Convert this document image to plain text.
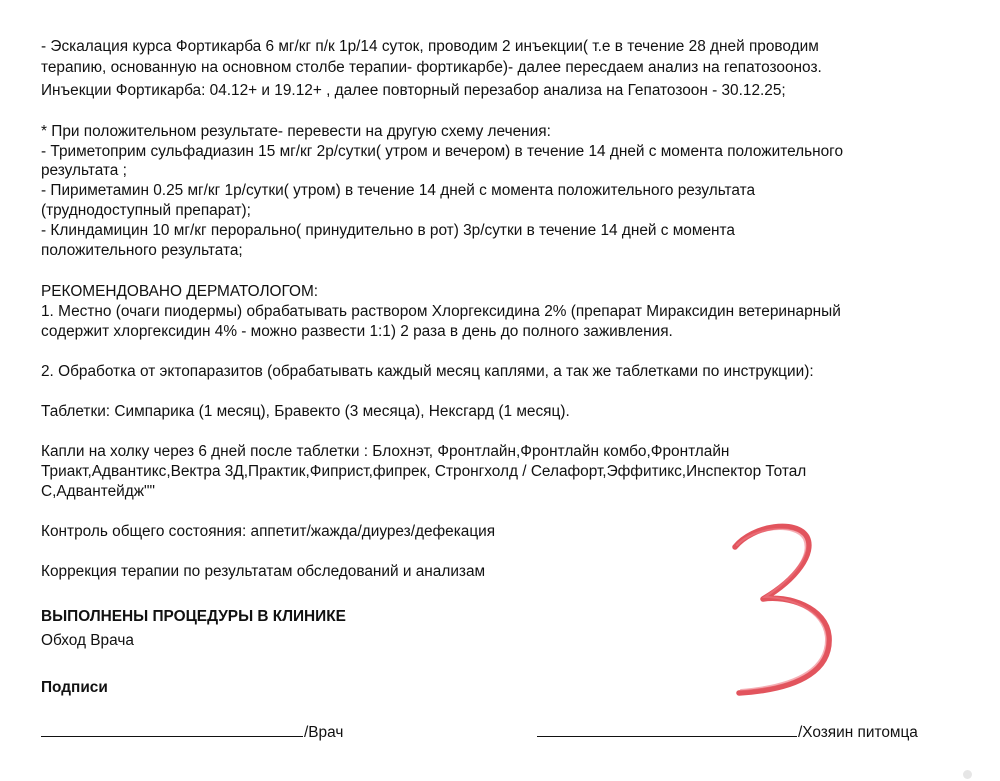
- Эскалация курса Фортикарба 6 мг/кг п/к 1р/14 суток, проводим 2 инъекции( т.е в течение 28 дней проводим
терапию, основанную на основном столбе терапии- фортикарбе)- далее пересдаем анализ на гепатозооноз.
Инъекции Фортикарба: 04.12+ и 19.12+ , далее повторный перезабор анализа на Гепатозоон - 30.12.25;
* При положительном результате- перевести на другую схему лечения:
- Триметоприм сульфадиазин 15 мг/кг 2р/сутки( утром и вечером) в течение 14 дней с момента положительного
результата ;
- Пириметамин 0.25 мг/кг 1р/сутки( утром) в течение 14 дней с момента положительного результата
(труднодоступный препарат);
- Клиндамицин 10 мг/кг перорально( принудительно в рот) 3р/сутки в течение 14 дней с момента
положительного результата;
РЕКОМЕНДОВАНО ДЕРМАТОЛОГОМ:
1. Местно (очаги пиодермы) обрабатывать раствором Хлоргексидина 2% (препарат Мираксидин ветеринарный
содержит хлоргексидин 4% - можно развести 1:1) 2 раза в день до полного заживления.
2. Обработка от эктопаразитов (обрабатывать каждый месяц каплями, а так же таблетками по инструкции):
Таблетки: Симпарика (1 месяц), Бравекто (3 месяца), Нексгард (1 месяц).
Капли на холку через 6 дней после таблетки : Блохнэт, Фронтлайн,Фронтлайн комбо,Фронтлайн
Триакт,Адвантикс,Вектра 3Д,Практик,Фиприст,фипрек, Стронгхолд / Селафорт,Эффитикс,Инспектор Тотал
С,Адвантейдж""
Контроль общего состояния: аппетит/жажда/диурез/дефекация
Коррекция терапии по результатам обследований и анализам
ВЫПОЛНЕНЫ ПРОЦЕДУРЫ В КЛИНИКЕ
Обход Врача
Подписи
/Врач	/Хозяин питомца
